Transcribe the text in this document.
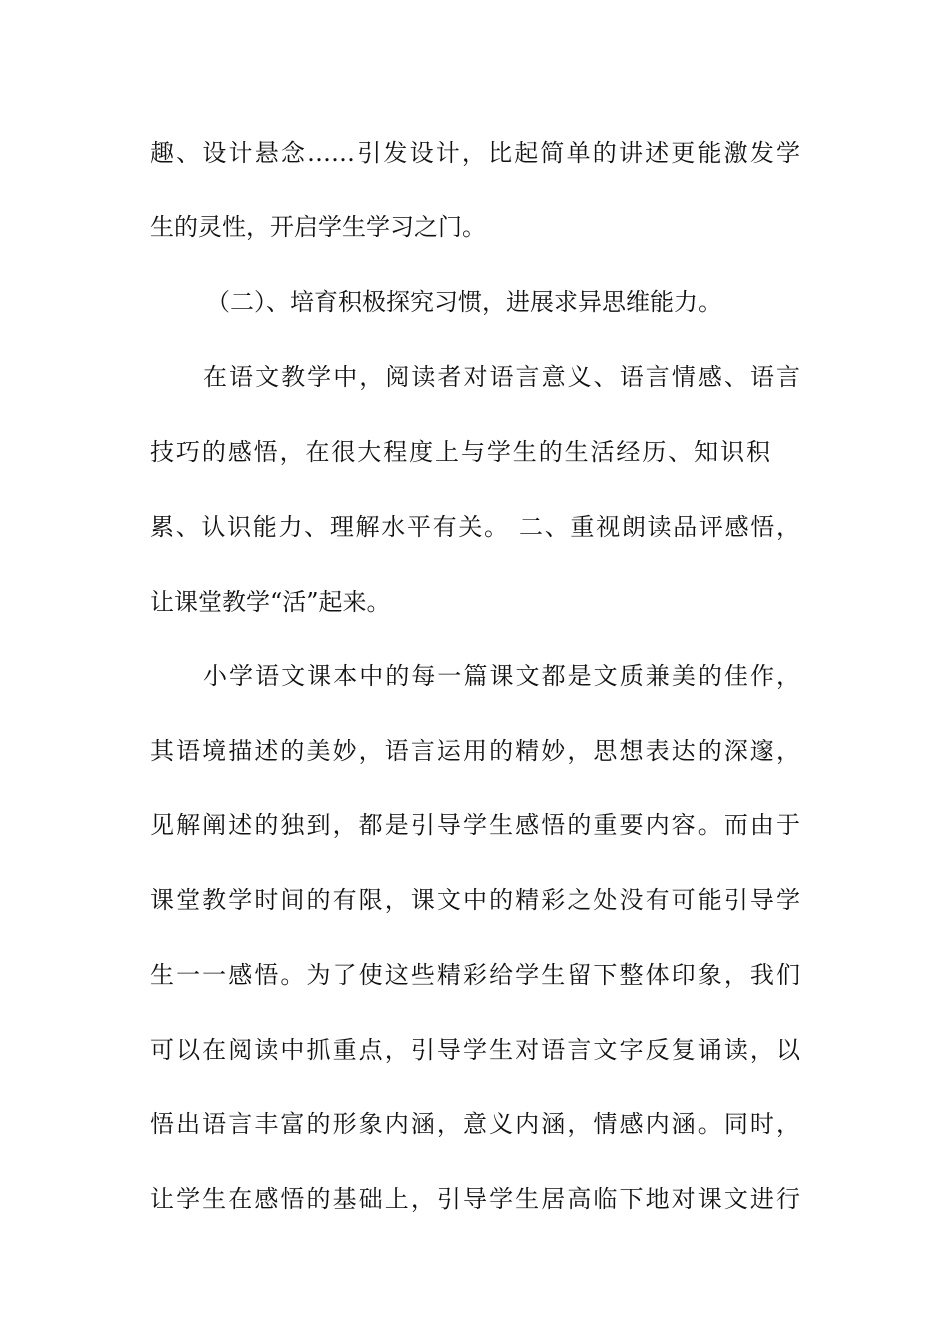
趣、设计悬念……引发设计，比起简单的讲述更能激发学
生的灵性，开启学生学习之门。
（二）、培育积极探究习惯，进展求异思维能力。
在语文教学中，阅读者对语言意义、语言情感、语言
技巧的感悟，在很大程度上与学生的生活经历、知识积
累、认识能力、理解水平有关。 二、重视朗读品评感悟，
让课堂教学“活”起来。
小学语文课本中的每一篇课文都是文质兼美的佳作，
其语境描述的美妙，语言运用的精妙，思想表达的深邃，
见解阐述的独到，都是引导学生感悟的重要内容。而由于
课堂教学时间的有限，课文中的精彩之处没有可能引导学
生一一感悟。为了使这些精彩给学生留下整体印象，我们
可以在阅读中抓重点，引导学生对语言文字反复诵读，以
悟出语言丰富的形象内涵，意义内涵，情感内涵。同时，
让学生在感悟的基础上，引导学生居高临下地对课文进行
